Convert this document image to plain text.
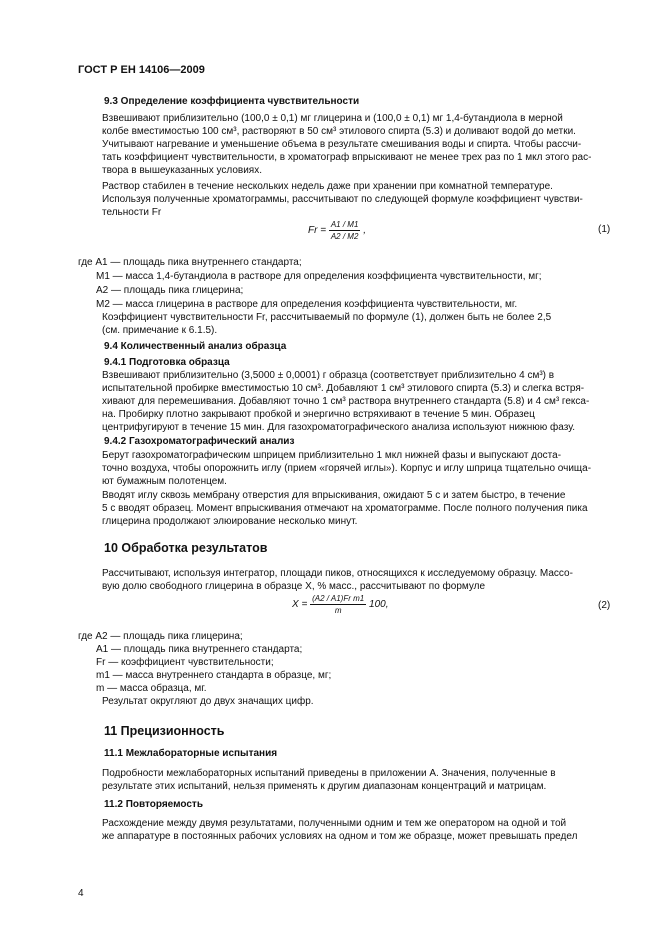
ГОСТ Р ЕН 14106—2009
9.3 Определение коэффициента чувствительности
Взвешивают приблизительно (100,0 ± 0,1) мг глицерина и (100,0 ± 0,1) мг 1,4-бутандиола в мерной
колбе вместимостью 100 см³, растворяют в 50 см³ этилового спирта (5.3) и доливают водой до метки.
Учитывают нагревание и уменьшение объема в результате смешивания воды и спирта. Чтобы рассчи-
тать коэффициент чувствительности, в хроматограф впрыскивают не менее трех раз по 1 мкл этого рас-
твора в вышеуказанных условиях.
Раствор стабилен в течение нескольких недель даже при хранении при комнатной температуре.
Используя полученные хроматограммы, рассчитывают по следующей формуле коэффициент чувстви-
тельности Fr
$Fr = \frac{A1 / M1}{A2 / M2}$ ,	(1)
где A1 — площадь пика внутреннего стандарта;
M1 — масса 1,4-бутандиола в растворе для определения коэффициента чувствительности, мг;
A2 — площадь пика глицерина;
M2 — масса глицерина в растворе для определения коэффициента чувствительности, мг.
Коэффициент чувствительности Fr, рассчитываемый по формуле (1), должен быть не более 2,5
(см. примечание к 6.1.5).
9.4 Количественный анализ образца
9.4.1 Подготовка образца
Взвешивают приблизительно (3,5000 ± 0,0001) г образца (соответствует приблизительно 4 см³) в
испытательной пробирке вместимостью 10 см³. Добавляют 1 см³ этилового спирта (5.3) и слегка встря-
хивают для перемешивания. Добавляют точно 1 см³ раствора внутреннего стандарта (5.8) и 4 см³ гекса-
на. Пробирку плотно закрывают пробкой и энергично встряхивают в течение 5 мин. Образец
центрифугируют в течение 15 мин. Для газохроматографического анализа используют нижнюю фазу.
9.4.2 Газохроматографический анализ
Берут газохроматографическим шприцем приблизительно 1 мкл нижней фазы и выпускают доста-
точно воздуха, чтобы опорожнить иглу (прием «горячей иглы»). Корпус и иглу шприца тщательно очища-
ют бумажным полотенцем.
Вводят иглу сквозь мембрану отверстия для впрыскивания, ожидают 5 с и затем быстро, в течение
5 с вводят образец. Момент впрыскивания отмечают на хроматограмме. После полного получения пика
глицерина продолжают элюирование несколько минут.
10 Обработка результатов
Рассчитывают, используя интегратор, площади пиков, относящихся к исследуемому образцу. Массо-
вую долю свободного глицерина в образце X, % масс., рассчитывают по формуле
$X = \frac{\text{(A2 / A1)Fr m1}}{m} 100$,	(2)
где A2 — площадь пика глицерина;
A1 — площадь пика внутреннего стандарта;
Fr — коэффициент чувствительности;
m1 — масса внутреннего стандарта в образце, мг;
m — масса образца, мг.
Результат округляют до двух значащих цифр.
11 Прецизионность
11.1 Межлабораторные испытания
Подробности межлабораторных испытаний приведены в приложении А. Значения, полученные в
результате этих испытаний, нельзя применять к другим диапазонам концентраций и матрицам.
11.2 Повторяемость
Расхождение между двумя результатами, полученными одним и тем же оператором на одной и той
же аппаратуре в постоянных рабочих условиях на одном и том же образце, может превышать предел
4
